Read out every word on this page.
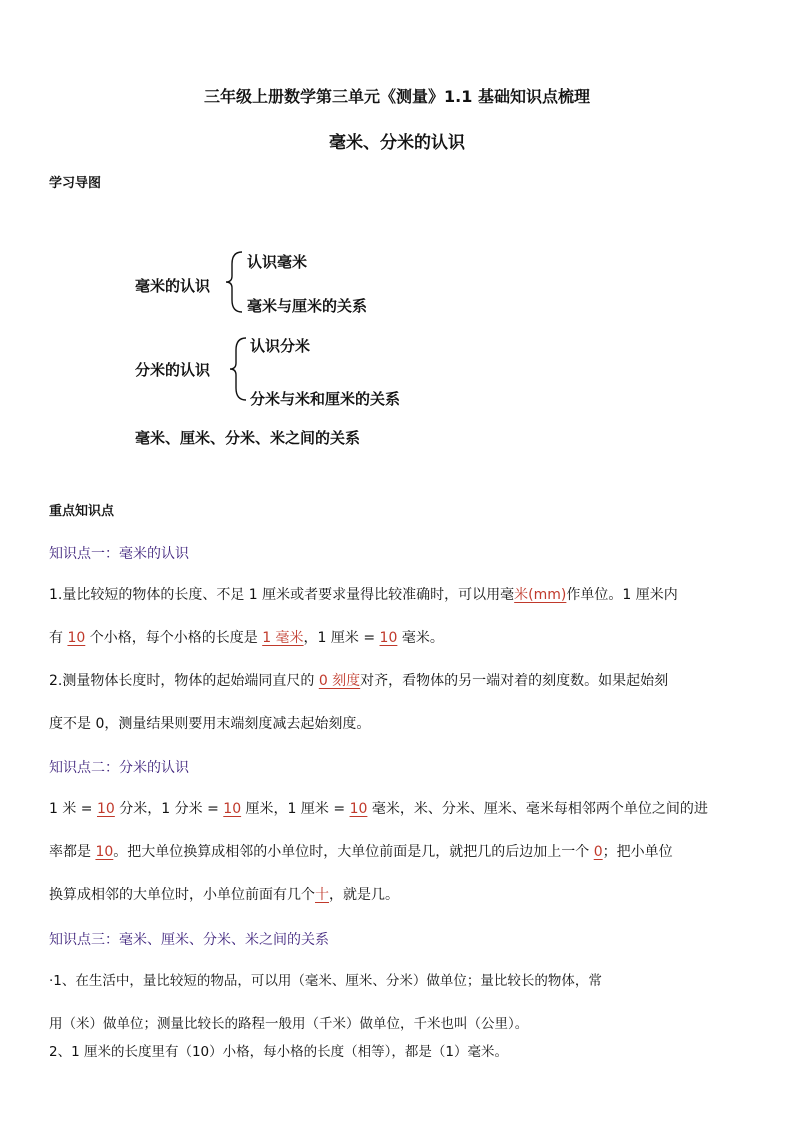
三年级上册数学第三单元《测量》1.1 基础知识点梳理
毫米、分米的认识
学习导图
毫米的认识
认识毫米
毫米与厘米的关系
分米的认识
认识分米
分米与米和厘米的关系
毫米、厘米、分米、米之间的关系
重点知识点
知识点一：毫米的认识
1.量比较短的物体的长度、不足 1 厘米或者要求量得比较准确时，可以用毫米(mm)作单位。1 厘米内
有 10 个小格，每个小格的长度是 1 毫米，1 厘米 = 10 毫米。
2.测量物体长度时，物体的起始端同直尺的 0 刻度对齐，看物体的另一端对着的刻度数。如果起始刻
度不是 0，测量结果则要用末端刻度减去起始刻度。
知识点二：分米的认识
1 米 = 10 分米，1 分米 = 10 厘米，1 厘米 = 10 毫米，米、分米、厘米、毫米每相邻两个单位之间的进
率都是 10。把大单位换算成相邻的小单位时，大单位前面是几，就把几的后边加上一个 0；把小单位
换算成相邻的大单位时，小单位前面有几个十，就是几。
知识点三：毫米、厘米、分米、米之间的关系
·1、在生活中，量比较短的物品，可以用（毫米、厘米、分米）做单位；量比较长的物体，常
用（米）做单位；测量比较长的路程一般用（千米）做单位，千米也叫（公里）。
2、1 厘米的长度里有（10）小格，每小格的长度（相等），都是（1）毫米。
